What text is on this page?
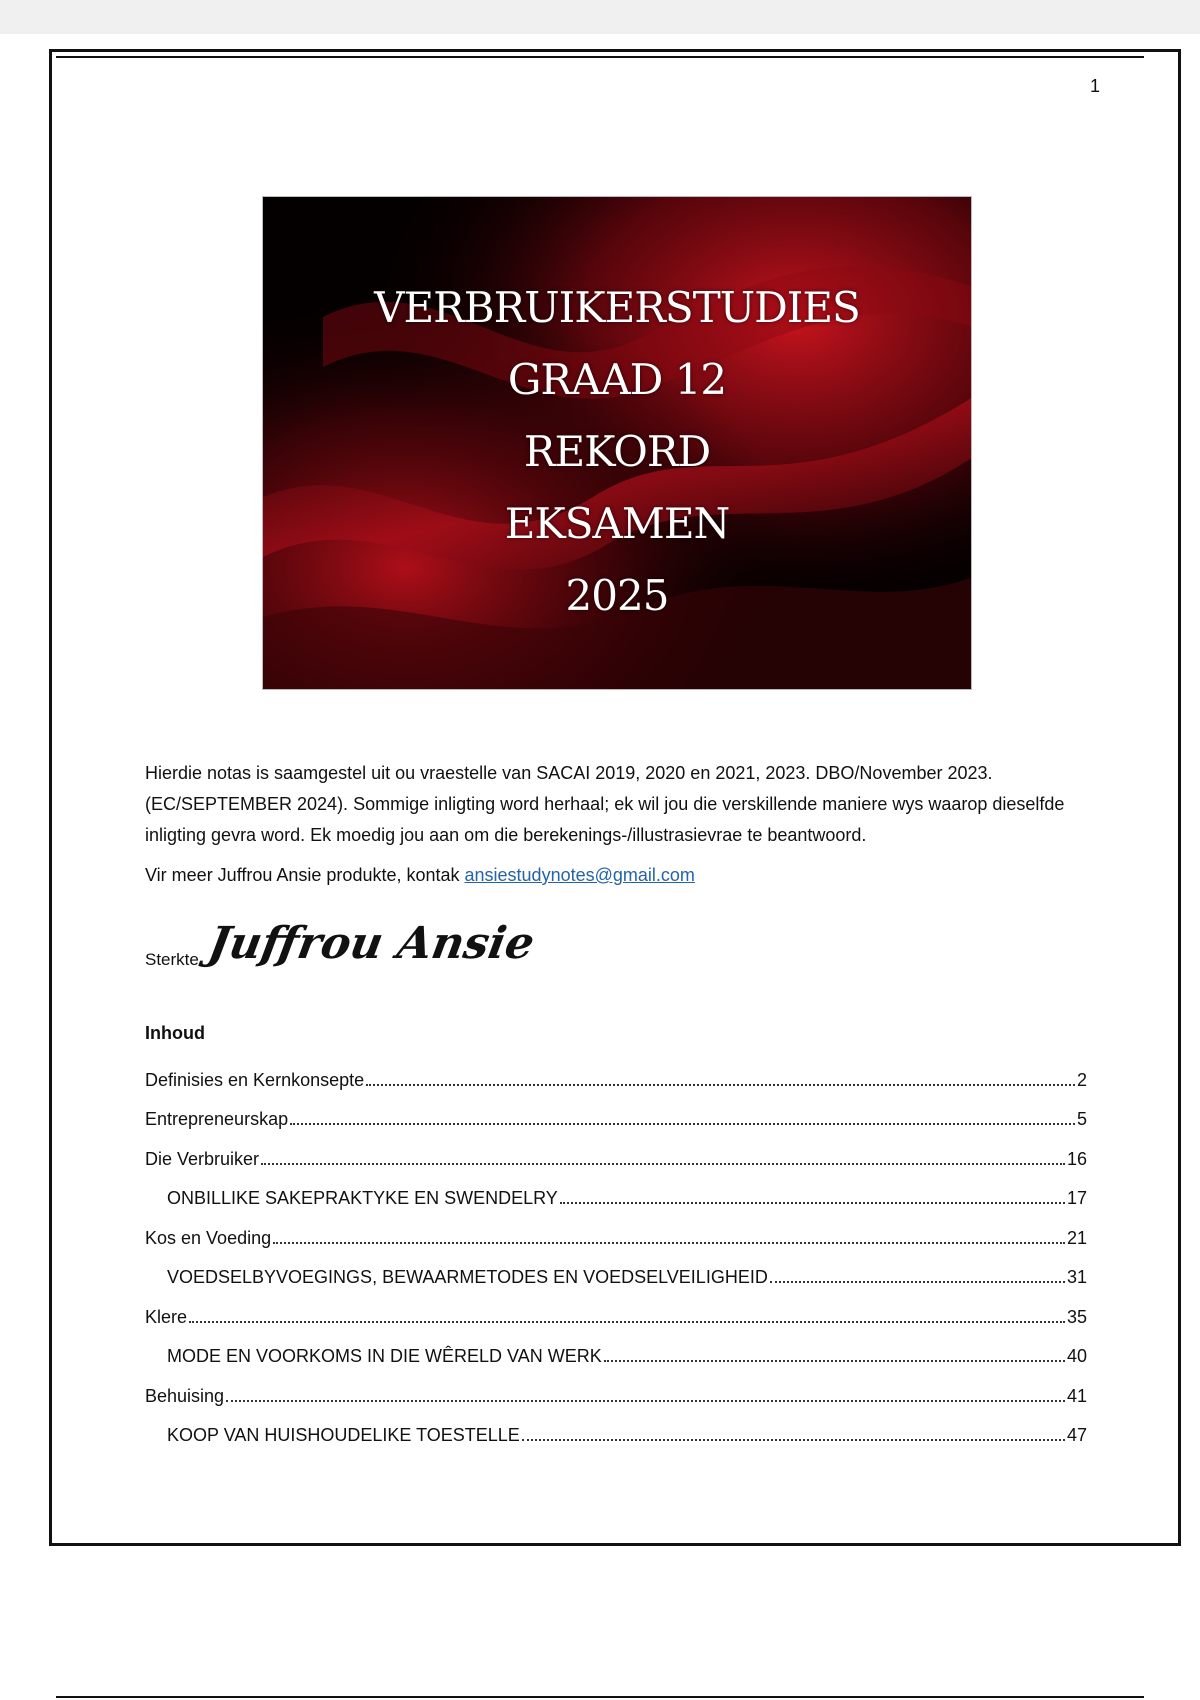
1
VERBRUIKERSTUDIES
GRAAD 12
REKORD
EKSAMEN
2025
Hierdie notas is saamgestel uit ou vraestelle van SACAI 2019, 2020 en 2021, 2023. DBO/November 2023. (EC/SEPTEMBER 2024). Sommige inligting word herhaal; ek wil jou die verskillende maniere wys waarop dieselfde inligting gevra word. Ek moedig jou aan om die berekenings-/illustrasievrae te beantwoord.
Vir meer Juffrou Ansie produkte, kontak ansiestudynotes@gmail.com
Sterkte. Juffrou Ansie
Inhoud
Definisies en Kernkonsepte	2
Entrepreneurskap	5
Die Verbruiker	16
ONBILLIKE SAKEPRAKTYKE EN SWENDELRY	17
Kos en Voeding	21
VOEDSELBYVOEGINGS, BEWAARMETODES EN VOEDSELVEILIGHEID	31
Klere	35
MODE EN VOORKOMS IN DIE WÊRELD VAN WERK	40
Behuising	41
KOOP VAN HUISHOUDELIKE TOESTELLE	47
